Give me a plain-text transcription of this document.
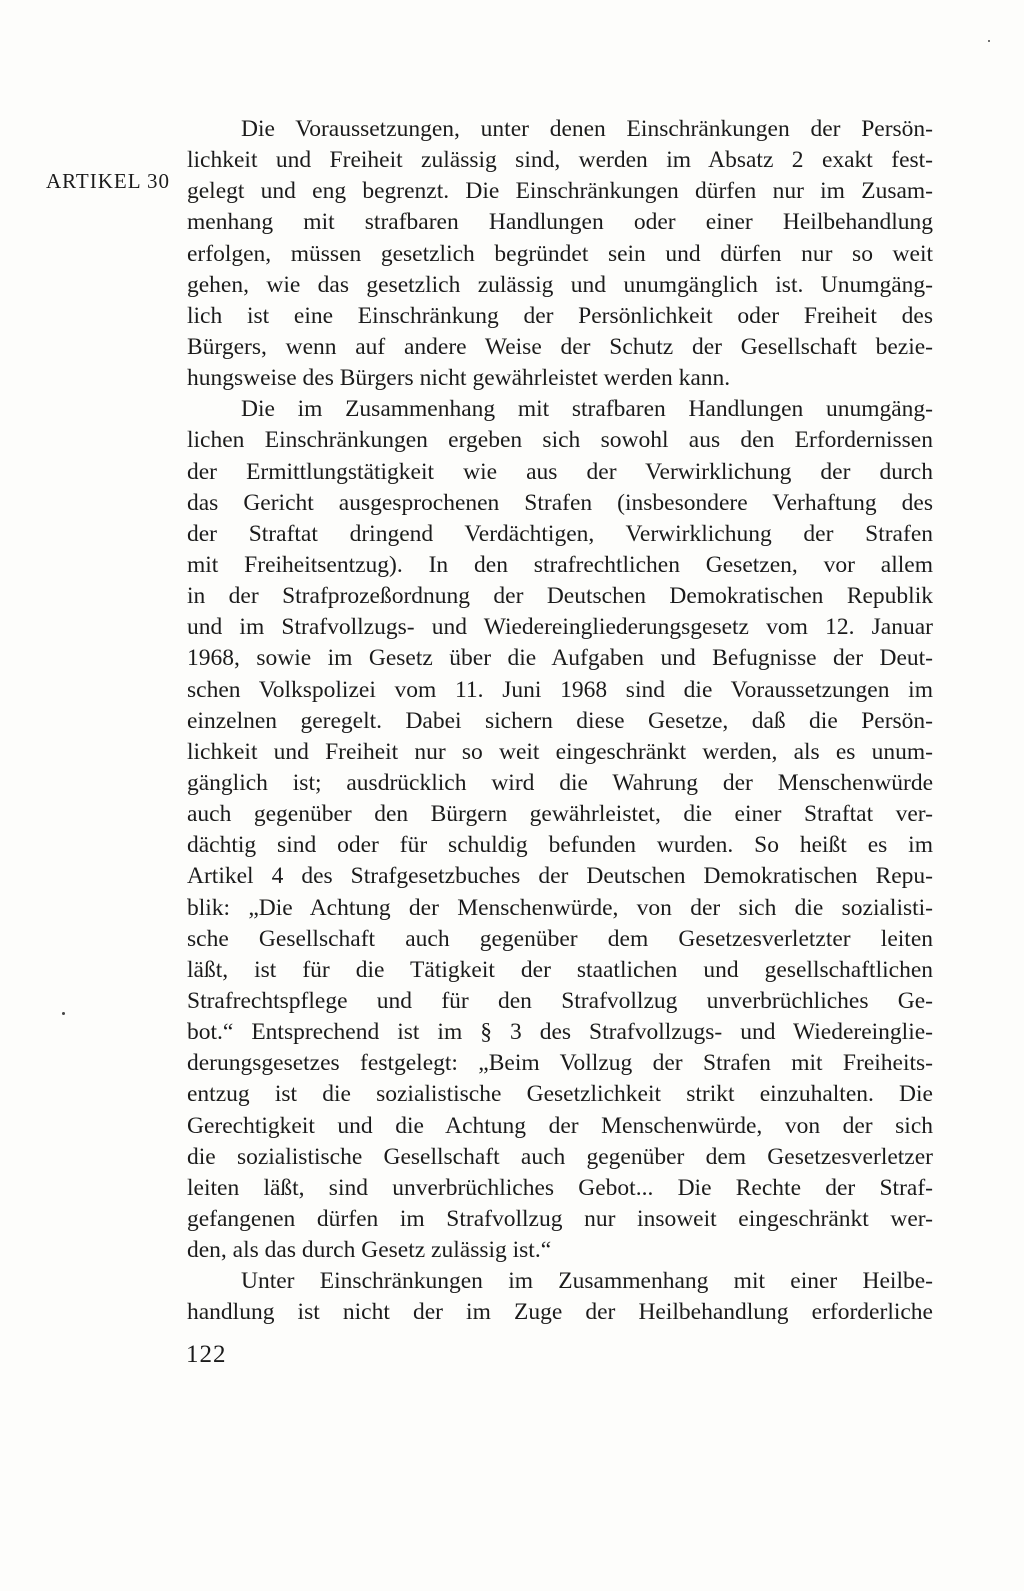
ARTIKEL 30
Die Voraussetzungen, unter denen Einschränkungen der Persön-
lichkeit und Freiheit zulässig sind, werden im Absatz 2 exakt fest-
gelegt und eng begrenzt. Die Einschränkungen dürfen nur im Zusam-
menhang mit strafbaren Handlungen oder einer Heilbehandlung
erfolgen, müssen gesetzlich begründet sein und dürfen nur so weit
gehen, wie das gesetzlich zulässig und unumgänglich ist. Unumgäng-
lich ist eine Einschränkung der Persönlichkeit oder Freiheit des
Bürgers, wenn auf andere Weise der Schutz der Gesellschaft bezie-
hungsweise des Bürgers nicht gewährleistet werden kann.
Die im Zusammenhang mit strafbaren Handlungen unumgäng-
lichen Einschränkungen ergeben sich sowohl aus den Erfordernissen
der Ermittlungstätigkeit wie aus der Verwirklichung der durch
das Gericht ausgesprochenen Strafen (insbesondere Verhaftung des
der Straftat dringend Verdächtigen, Verwirklichung der Strafen
mit Freiheitsentzug). In den strafrechtlichen Gesetzen, vor allem
in der Strafprozeßordnung der Deutschen Demokratischen Republik
und im Strafvollzugs- und Wiedereingliederungsgesetz vom 12. Januar
1968, sowie im Gesetz über die Aufgaben und Befugnisse der Deut-
schen Volkspolizei vom 11. Juni 1968 sind die Voraussetzungen im
einzelnen geregelt. Dabei sichern diese Gesetze, daß die Persön-
lichkeit und Freiheit nur so weit eingeschränkt werden, als es unum-
gänglich ist; ausdrücklich wird die Wahrung der Menschenwürde
auch gegenüber den Bürgern gewährleistet, die einer Straftat ver-
dächtig sind oder für schuldig befunden wurden. So heißt es im
Artikel 4 des Strafgesetzbuches der Deutschen Demokratischen Repu-
blik: „Die Achtung der Menschenwürde, von der sich die sozialisti-
sche Gesellschaft auch gegenüber dem Gesetzesverletzter leiten
läßt, ist für die Tätigkeit der staatlichen und gesellschaftlichen
Strafrechtspflege und für den Strafvollzug unverbrüchliches Ge-
bot.“ Entsprechend ist im § 3 des Strafvollzugs- und Wiedereinglie-
derungsgesetzes festgelegt: „Beim Vollzug der Strafen mit Freiheits-
entzug ist die sozialistische Gesetzlichkeit strikt einzuhalten. Die
Gerechtigkeit und die Achtung der Menschenwürde, von der sich
die sozialistische Gesellschaft auch gegenüber dem Gesetzesverletzer
leiten läßt, sind unverbrüchliches Gebot... Die Rechte der Straf-
gefangenen dürfen im Strafvollzug nur insoweit eingeschränkt wer-
den, als das durch Gesetz zulässig ist.“
Unter Einschränkungen im Zusammenhang mit einer Heilbe-
handlung ist nicht der im Zuge der Heilbehandlung erforderliche
122
